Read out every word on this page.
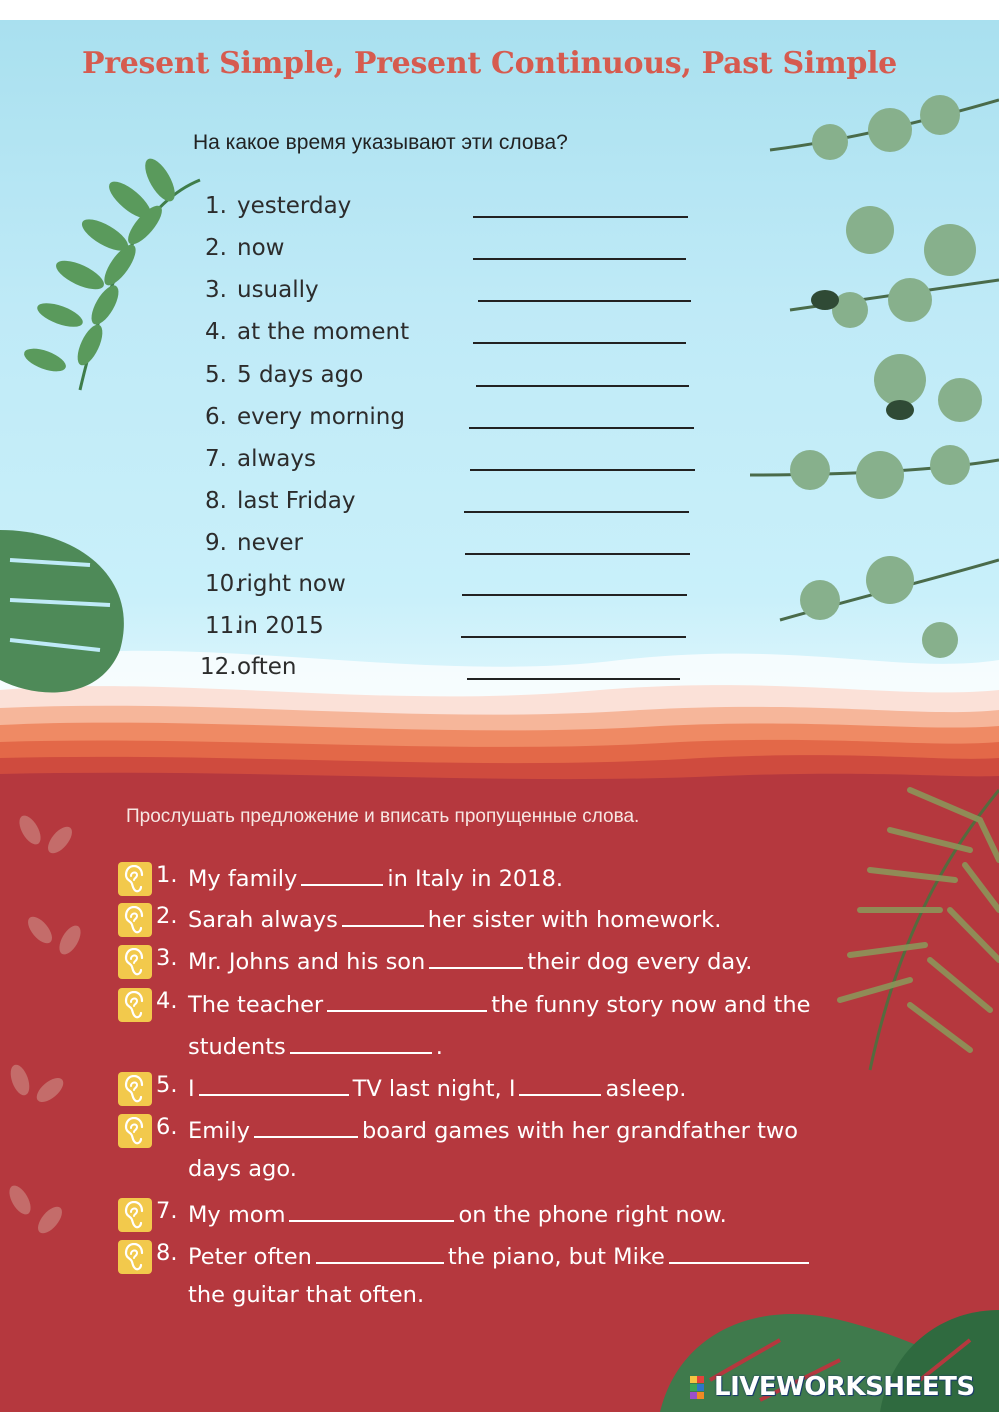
Present Simple, Present Continuous, Past Simple
На какое время указывают эти слова?
1. yesterday
2. now
3. usually
4. at the moment
5. 5 days ago
6. every morning
7. always
8. last Friday
9. never
10.right now
11.in 2015
12.often
Прослушать предложение и вписать пропущенные слова.
1. My family	in Italy in 2018.
2. Sarah always	her sister with homework.
3. Mr. Johns and his son	their dog every day.
4. The teacher	the funny story now and the
students	.
5. I	TV last night, I	asleep.
6. Emily	board games with her grandfather two
days ago.
7. My mom	on the phone right now.
8. Peter often	the piano, but Mike
the guitar that often.
LIVEWORKSHEETS
